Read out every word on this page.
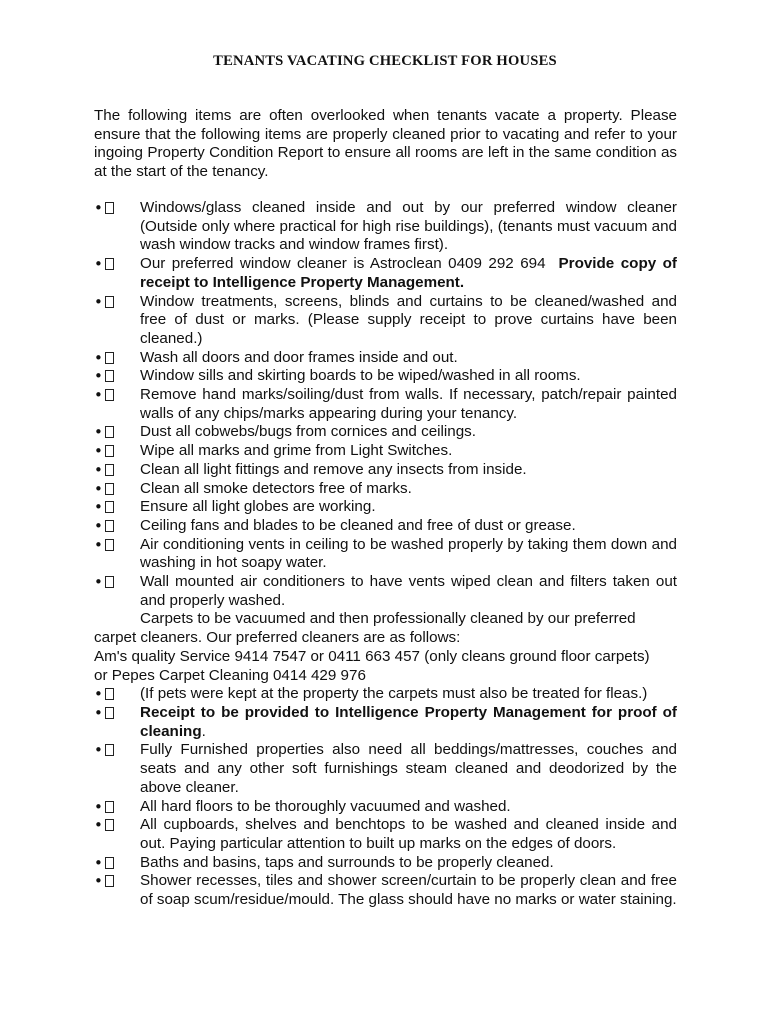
TENANTS VACATING CHECKLIST FOR HOUSES

The following items are often overlooked when tenants vacate a property. Please ensure that the following items are properly cleaned prior to vacating and refer to your ingoing Property Condition Report to ensure all rooms are left in the same condition as at the start of the tenancy.

•	Windows/glass cleaned inside and out by our preferred window cleaner (Outside only where practical for high rise buildings), (tenants must vacuum and wash window tracks and window frames first).
•	Our preferred window cleaner is Astroclean 0409 292 694 Provide copy of receipt to Intelligence Property Management.
•	Window treatments, screens, blinds and curtains to be cleaned/washed and free of dust or marks. (Please supply receipt to prove curtains have been cleaned.)
•	Wash all doors and door frames inside and out.
•	Window sills and skirting boards to be wiped/washed in all rooms.
•	Remove hand marks/soiling/dust from walls. If necessary, patch/repair painted walls of any chips/marks appearing during your tenancy.
•	Dust all cobwebs/bugs from cornices and ceilings.
•	Wipe all marks and grime from Light Switches.
•	Clean all light fittings and remove any insects from inside.
•	Clean all smoke detectors free of marks.
•	Ensure all light globes are working.
•	Ceiling fans and blades to be cleaned and free of dust or grease.
•	Air conditioning vents in ceiling to be washed properly by taking them down and washing in hot soapy water.
•	Wall mounted air conditioners to have vents wiped clean and filters taken out and properly washed.
Carpets to be vacuumed and then professionally cleaned by our preferred
carpet cleaners. Our preferred cleaners are as follows:
Am's quality Service 9414 7547 or 0411 663 457 (only cleans ground floor carpets)
or Pepes Carpet Cleaning 0414 429 976
•	(If pets were kept at the property the carpets must also be treated for fleas.)
•	Receipt to be provided to Intelligence Property Management for proof of cleaning.
•	Fully Furnished properties also need all beddings/mattresses, couches and seats and any other soft furnishings steam cleaned and deodorized by the above cleaner.
•	All hard floors to be thoroughly vacuumed and washed.
•	All cupboards, shelves and benchtops to be washed and cleaned inside and out. Paying particular attention to built up marks on the edges of doors.
•	Baths and basins, taps and surrounds to be properly cleaned.
•	Shower recesses, tiles and shower screen/curtain to be properly clean and free of soap scum/residue/mould. The glass should have no marks or water staining.
